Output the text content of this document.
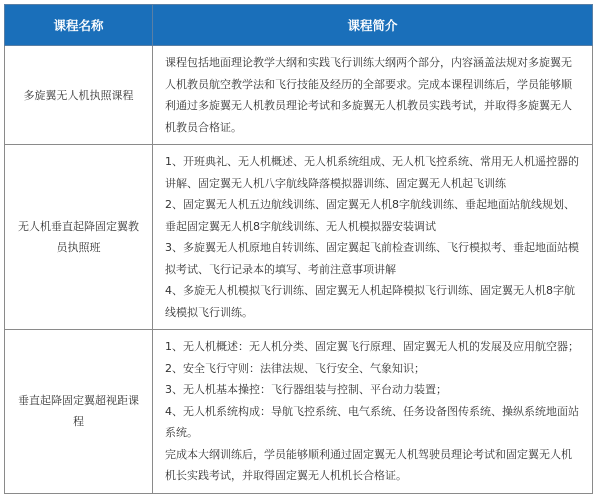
课程名称	课程简介
多旋翼无人机执照课程	课程包括地面理论教学大纲和实践飞行训练大纲两个部分，内容涵盖法规对多旋翼无人机教员航空教学法和飞行技能及经历的全部要求。完成本课程训练后，学员能够顺利通过多旋翼无人机教员理论考试和多旋翼无人机教员实践考试，并取得多旋翼无人机教员合格证。

无人机垂直起降固定翼教员执照班	1、开班典礼、无人机概述、无人机系统组成、无人机飞控系统、常用无人机遥控器的讲解、固定翼无人机八字航线降落模拟器训练、固定翼无人机起飞训练
2、固定翼无人机五边航线训练、固定翼无人机8字航线训练、垂起地面站航线规划、垂起固定翼无人机8字航线训练、无人机模拟器安装调试
3、多旋翼无人机原地自转训练、固定翼起飞前检查训练、飞行模拟考、垂起地面站模拟考试、飞行记录本的填写、考前注意事项讲解
4、多旋无人机模拟飞行训练、固定翼无人机起降模拟飞行训练、固定翼无人机8字航线模拟飞行训练。

垂直起降固定翼超视距课程	1、无人机概述：无人机分类、固定翼飞行原理、固定翼无人机的发展及应用航空器；
2、安全飞行守则：法律法规、飞行安全、气象知识；
3、无人机基本操控：飞行器组装与控制、平台动力装置；
4、无人机系统构成：导航飞控系统、电气系统、任务设备图传系统、操纵系统地面站系统。
完成本大纲训练后，学员能够顺利通过固定翼无人机驾驶员理论考试和固定翼无人机机长实践考试，并取得固定翼无人机机长合格证。
